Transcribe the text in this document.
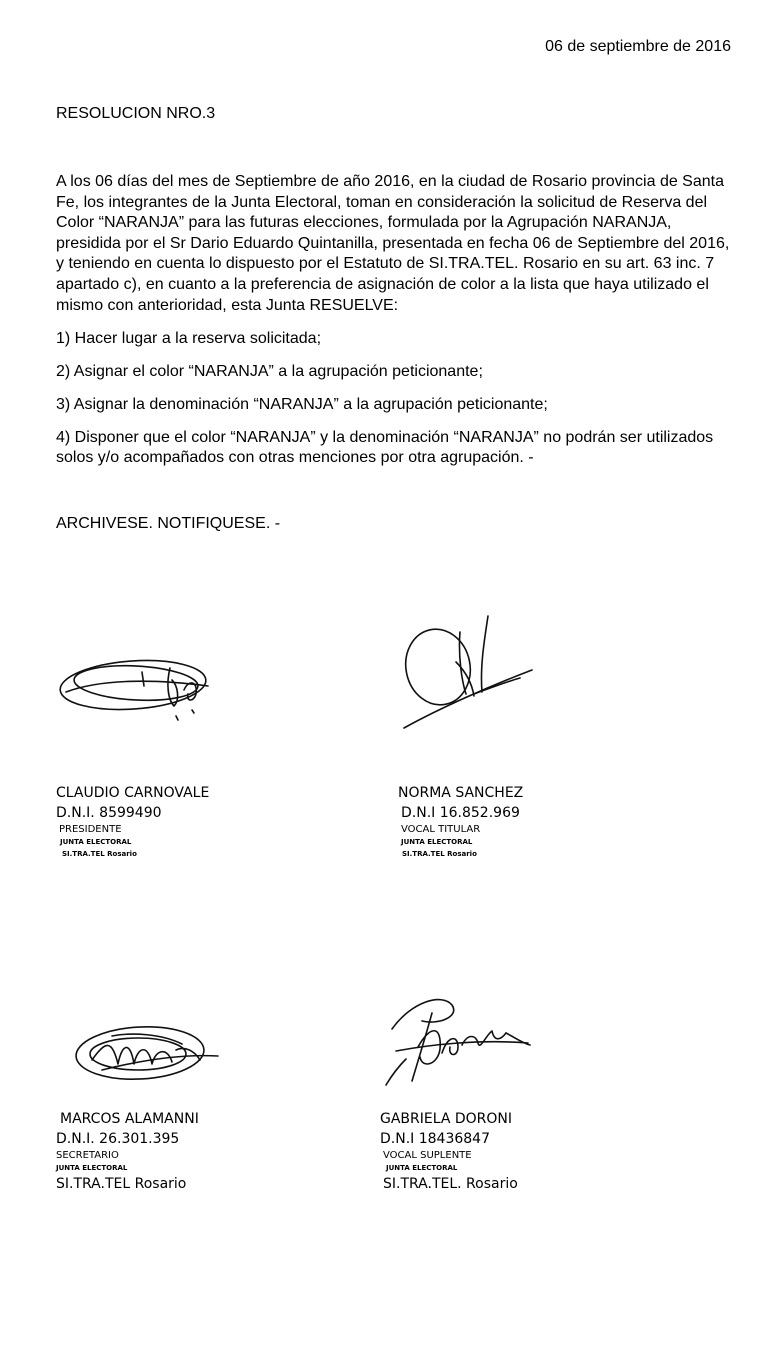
06 de septiembre de 2016
RESOLUCION NRO.3

A los 06 días del mes de Septiembre de año 2016, en la ciudad de Rosario provincia de Santa Fe, los integrantes de la Junta Electoral, toman en consideración la solicitud de Reserva del Color “NARANJA” para las futuras elecciones, formulada por la Agrupación NARANJA, presidida por el Sr Dario Eduardo Quintanilla, presentada en fecha 06 de Septiembre del 2016, y teniendo en cuenta lo dispuesto por el Estatuto de SI.TRA.TEL. Rosario en su art. 63 inc. 7 apartado c), en cuanto a la preferencia de asignación de color a la lista que haya utilizado el mismo con anterioridad, esta Junta RESUELVE:

1) Hacer lugar a la reserva solicitada;

2) Asignar el color “NARANJA” a la agrupación peticionante;

3) Asignar la denominación “NARANJA” a la agrupación peticionante;

4) Disponer que el color “NARANJA” y la denominación “NARANJA” no podrán ser utilizados solos y/o acompañados con otras menciones por otra agrupación. -

ARCHIVESE. NOTIFIQUESE. -
CLAUDIO CARNOVALE
D.N.I. 8599490
PRESIDENTE
JUNTA ELECTORAL
SI.TRA.TEL Rosario
NORMA SANCHEZ
D.N.I 16.852.969
VOCAL TITULAR
JUNTA ELECTORAL
SI.TRA.TEL Rosario
MARCOS ALAMANNI
D.N.I. 26.301.395
SECRETARIO
JUNTA ELECTORAL
SI.TRA.TEL Rosario
GABRIELA DORONI
D.N.I 18436847
VOCAL SUPLENTE
JUNTA ELECTORAL
SI.TRA.TEL. Rosario
